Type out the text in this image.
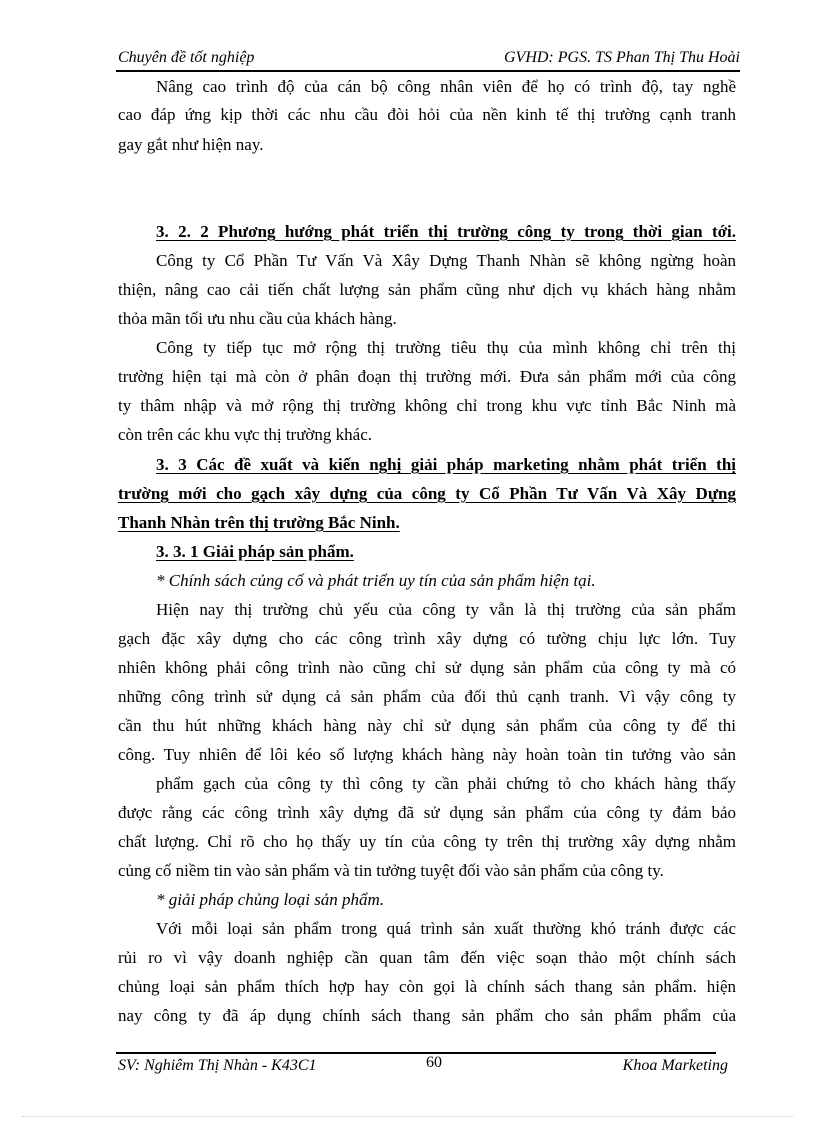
Chuyên đề tốt nghiệp	GVHD: PGS. TS Phan Thị Thu Hoài
Nâng cao trình độ của cán bộ công nhân viên để họ có trình độ, tay nghề
cao đáp ứng kịp thời các nhu cầu đòi hỏi của nền kinh tế thị trường cạnh tranh
gay gắt như hiện nay.
3. 2. 2 Phương hướng phát triển thị trường công ty trong thời gian tới.
Công ty Cổ Phần Tư Vấn Và Xây Dựng Thanh Nhàn sẽ không ngừng hoàn
thiện, nâng cao cải tiến chất lượng sản phẩm cũng như dịch vụ khách hàng nhằm
thỏa mãn tối ưu nhu cầu của khách hàng.
Công ty tiếp tục mở rộng thị trường tiêu thụ của mình không chỉ trên thị
trường hiện tại mà còn ở phân đoạn thị trường mới. Đưa sản phẩm mới của công
ty thâm nhập và mở rộng thị trường không chỉ trong khu vực tỉnh Bắc Ninh mà
còn trên các khu vực thị trường khác.
3. 3 Các đề xuất và kiến nghị giải pháp marketing nhằm phát triển thị
trường mới cho gạch xây dựng của công ty Cổ Phần Tư Vấn Và Xây Dựng
Thanh Nhàn trên thị trường Bắc Ninh.
3. 3. 1 Giải pháp sản phẩm.
* Chính sách củng cố và phát triển uy tín của sản phẩm hiện tại.
Hiện nay thị trường chủ yếu của công ty vẫn là thị trường của sản phẩm
gạch đặc xây dựng cho các công trình xây dựng có tường chịu lực lớn. Tuy
nhiên không phải công trình nào cũng chỉ sử dụng sản phẩm của công ty mà có
những công trình sử dụng cả sản phẩm của đối thủ cạnh tranh. Vì vậy công ty
cần thu hút những khách hàng này chỉ sử dụng sản phẩm của công ty để thi
công. Tuy nhiên để lôi kéo số lượng khách hàng này hoàn toàn tin tưởng vào sản
phẩm gạch của công ty thì công ty cần phải chứng tỏ cho khách hàng thấy
được rằng các công trình xây dựng đã sử dụng sản phẩm của công ty đảm bảo
chất lượng. Chỉ rõ cho họ thấy uy tín của công ty trên thị trường xây dựng nhằm
củng cố niềm tin vào sản phẩm và tin tưởng tuyệt đối vào sản phẩm của công ty.
* giải pháp chủng loại sản phẩm.
Với mỗi loại sản phẩm trong quá trình sản xuất thường khó tránh được các
rủi ro vì vậy doanh nghiệp cần quan tâm đến việc soạn thảo một chính sách
chủng loại sản phẩm thích hợp hay còn gọi là chính sách thang sản phẩm. hiện
nay công ty đã áp dụng chính sách thang sản phẩm cho sản phẩm phẩm của
SV: Nghiêm Thị Nhàn - K43C1	60	Khoa Marketing
